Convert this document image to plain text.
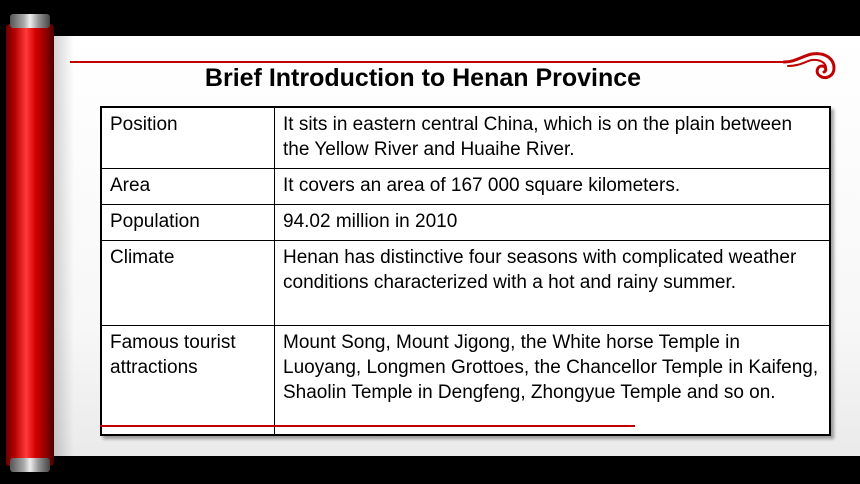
Brief Introduction to Henan Province
Position	It sits in eastern central China, which is on the plain between the Yellow River and Huaihe River.
Area	It covers an area of 167 000 square kilometers.
Population	94.02 million in 2010
Climate	Henan has distinctive four seasons with complicated weather conditions characterized with a hot and rainy summer.
Famous tourist attractions	Mount Song, Mount Jigong, the White horse Temple in Luoyang, Longmen Grottoes, the Chancellor Temple in Kaifeng, Shaolin Temple in Dengfeng, Zhongyue Temple and so on.
